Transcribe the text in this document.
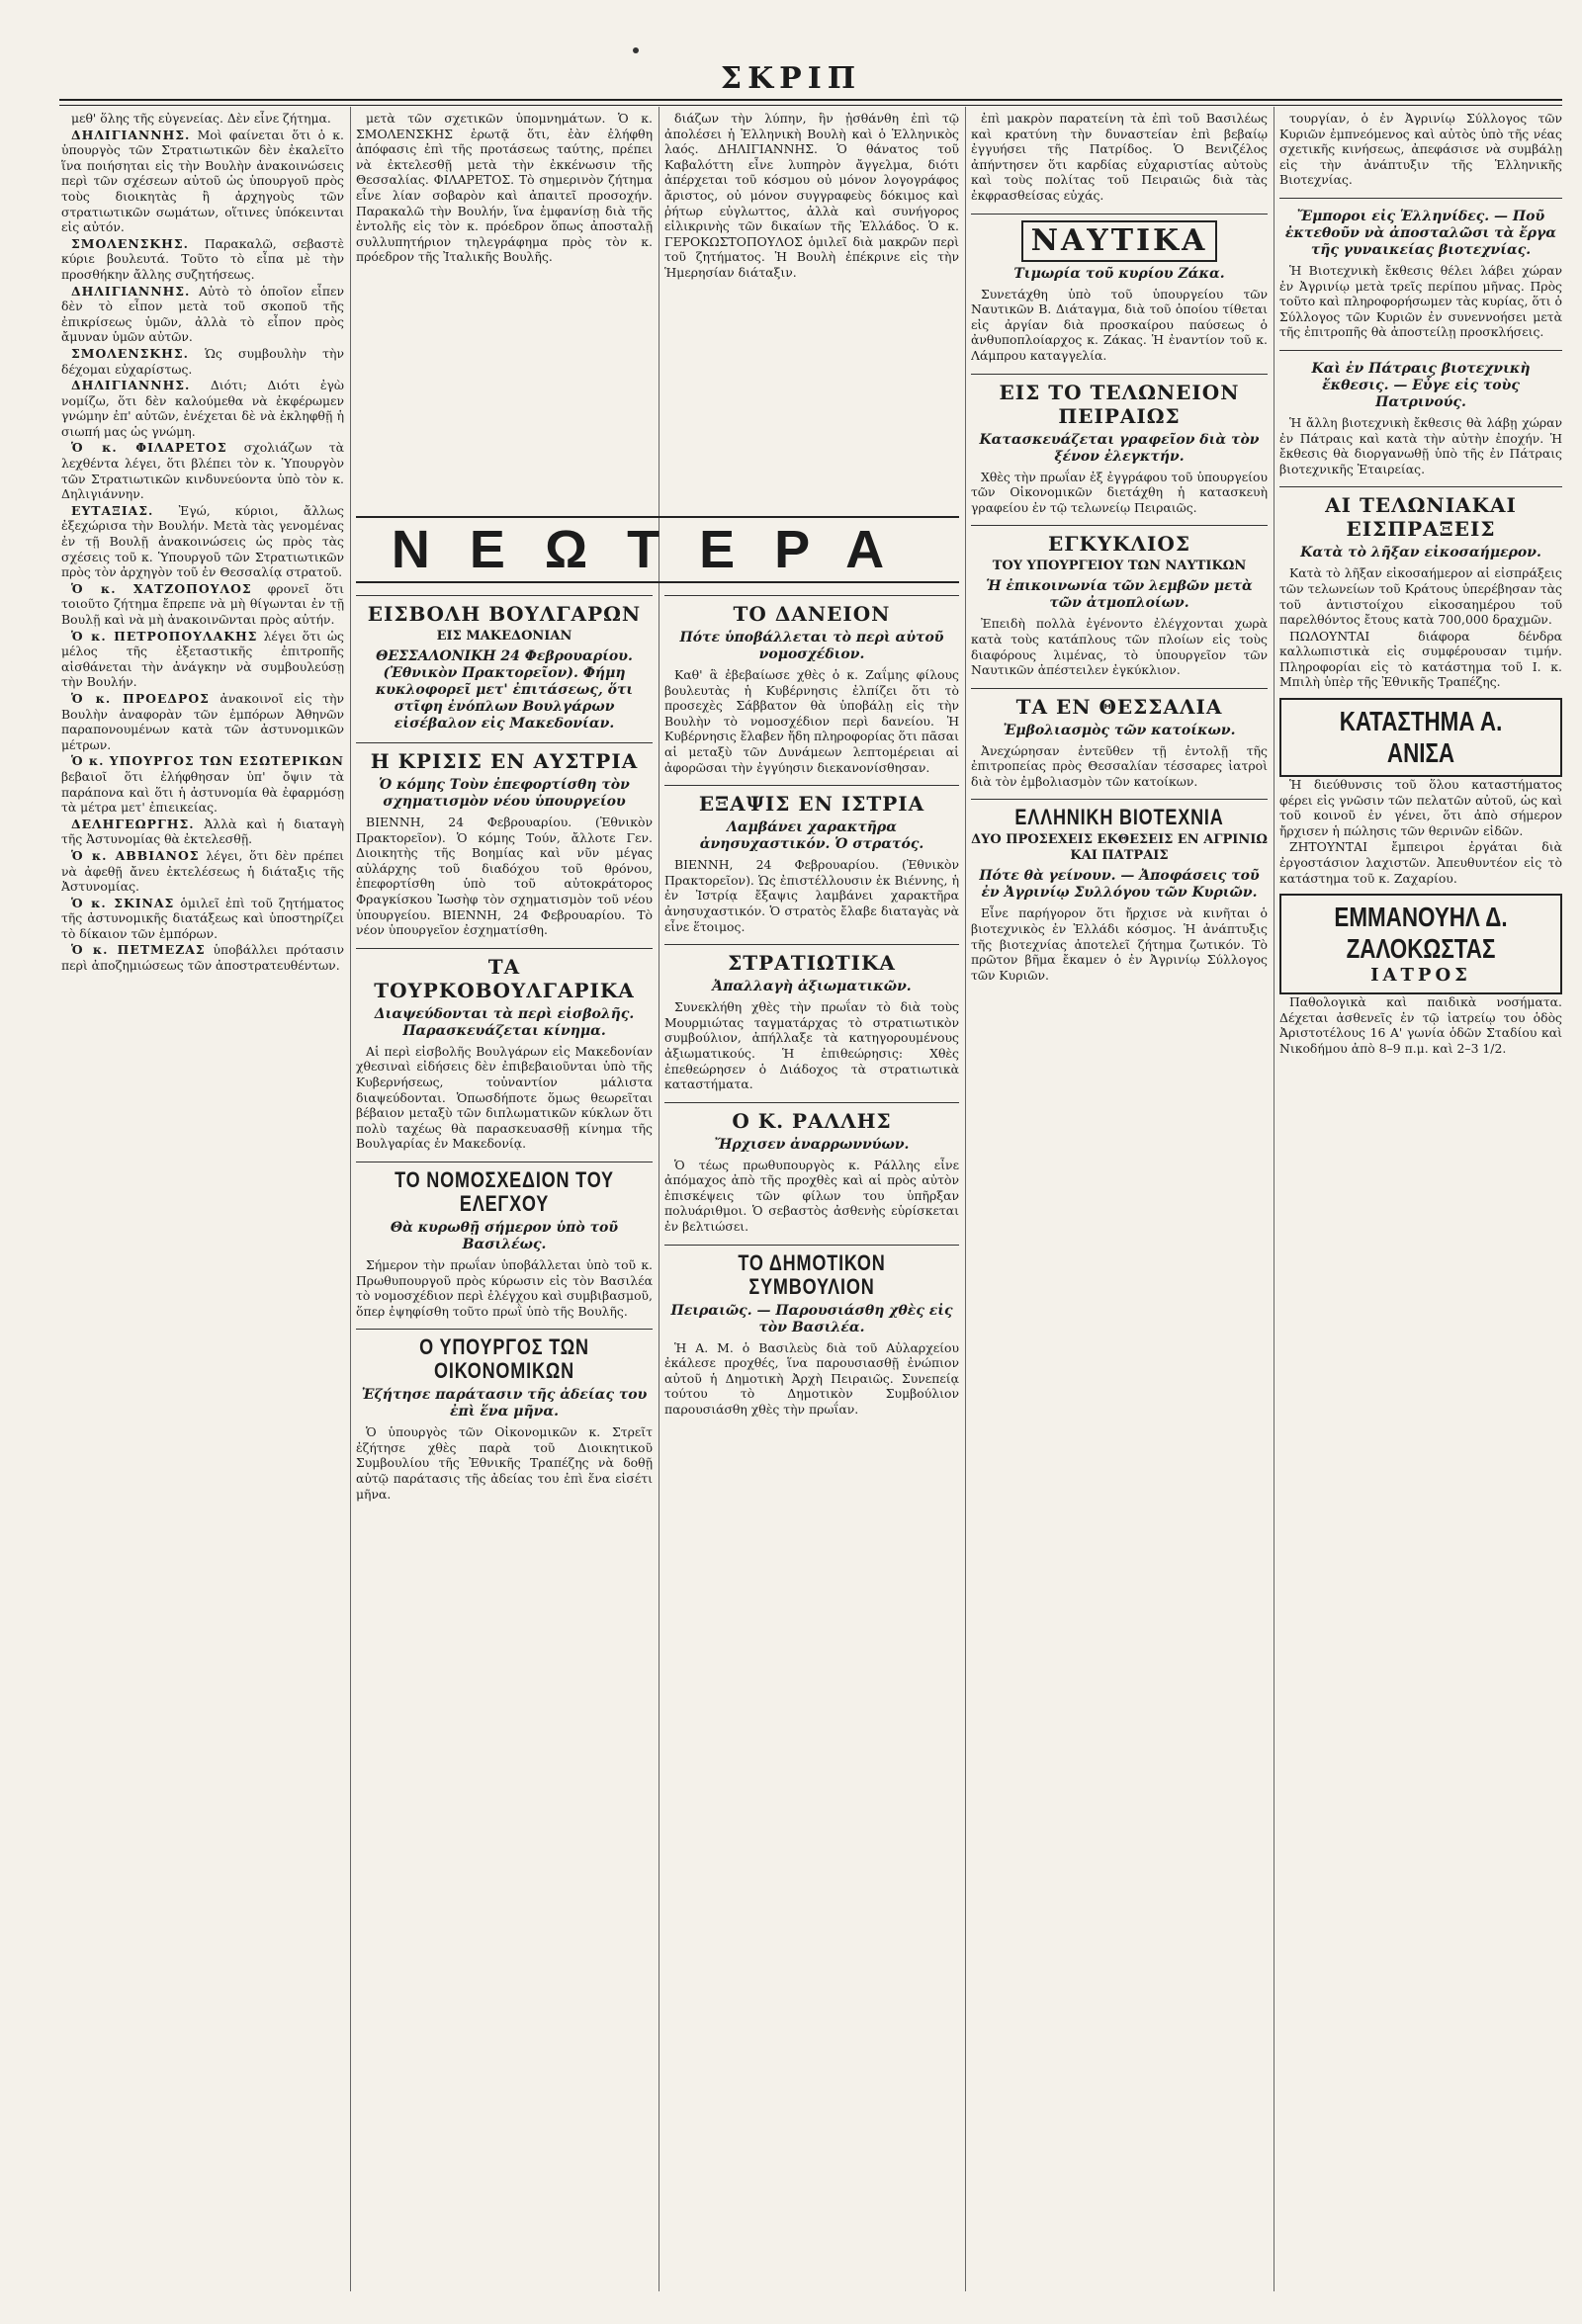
ΣΚΡΙΠ

μεθ' ὅλης τῆς εὐγενείας. Δὲν εἶνε ζήτημα.

ΔΗΛΙΓΙΑΝΝΗΣ. Μοὶ φαίνεται ὅτι ὁ κ. ὑπουργὸς τῶν Στρατιωτικῶν δὲν ἐκαλεῖτο ἵνα ποιήσηται εἰς τὴν Βουλὴν ἀνακοινώσεις περὶ τῶν σχέσεων αὐτοῦ ὡς ὑπουργοῦ πρὸς τοὺς διοικητὰς ἢ ἀρχηγοὺς τῶν στρατιωτικῶν σωμάτων, οἵτινες ὑπόκεινται εἰς αὐτόν.

ΣΜΟΛΕΝΣΚΗΣ. Παρακαλῶ, σεβαστὲ κύριε βουλευτά. Τοῦτο τὸ εἶπα μὲ τὴν προσθήκην ἄλλης συζητήσεως.

ΔΗΛΙΓΙΑΝΝΗΣ. Αὐτὸ τὸ ὁποῖον εἶπεν δὲν τὸ εἶπον μετὰ τοῦ σκοποῦ τῆς ἐπικρίσεως ὑμῶν, ἀλλὰ τὸ εἶπον πρὸς ἄμυναν ὑμῶν αὐτῶν.

ΣΜΟΛΕΝΣΚΗΣ. Ὡς συμβουλὴν τὴν δέχομαι εὐχαρίστως.

ΔΗΛΙΓΙΑΝΝΗΣ. Διότι; Διότι ἐγὼ νομίζω, ὅτι δὲν καλούμεθα νὰ ἐκφέρωμεν γνώμην ἐπ' αὐτῶν, ἐνέχεται δὲ νὰ ἐκληφθῇ ἡ σιωπή μας ὡς γνώμη.

Ὁ κ. ΦΙΛΑΡΕΤΟΣ σχολιάζων τὰ λεχθέντα λέγει, ὅτι βλέπει τὸν κ. Ὑπουργὸν τῶν Στρατιωτικῶν κινδυνεύοντα ὑπὸ τὸν κ. Δηλιγιάννην.

ΕΥΤΑΞΙΑΣ. Ἐγώ, κύριοι, ἄλλως ἐξεχώρισα τὴν Βουλήν. Μετὰ τὰς γενομένας ἐν τῇ Βουλῇ ἀνακοινώσεις ὡς πρὸς τὰς σχέσεις τοῦ κ. Ὑπουργοῦ τῶν Στρατιωτικῶν πρὸς τὸν ἀρχηγὸν τοῦ ἐν Θεσσαλίᾳ στρατοῦ.

Ὁ κ. ΧΑΤΖΟΠΟΥΛΟΣ φρονεῖ ὅτι τοιοῦτο ζήτημα ἔπρεπε νὰ μὴ θίγωνται ἐν τῇ Βουλῇ καὶ νὰ μὴ ἀνακοινῶνται πρὸς αὐτήν.

Ὁ κ. ΠΕΤΡΟΠΟΥΛΑΚΗΣ λέγει ὅτι ὡς μέλος τῆς ἐξεταστικῆς ἐπιτροπῆς αἰσθάνεται τὴν ἀνάγκην νὰ συμβουλεύσῃ τὴν Βουλήν.

Ὁ κ. ΠΡΟΕΔΡΟΣ ἀνακοινοῖ εἰς τὴν Βουλὴν ἀναφορὰν τῶν ἐμπόρων Ἀθηνῶν παραπονουμένων κατὰ τῶν ἀστυνομικῶν μέτρων.

Ὁ κ. ΥΠΟΥΡΓΟΣ ΤΩΝ ΕΣΩΤΕΡΙΚΩΝ βεβαιοῖ ὅτι ἐλήφθησαν ὑπ' ὄψιν τὰ παράπονα καὶ ὅτι ἡ ἀστυνομία θὰ ἐφαρμόσῃ τὰ μέτρα μετ' ἐπιεικείας.

ΔΕΛΗΓΕΩΡΓΗΣ. Ἀλλὰ καὶ ἡ διαταγὴ τῆς Ἀστυνομίας θὰ ἐκτελεσθῇ.

Ὁ κ. ΑΒΒΙΑΝΟΣ λέγει, ὅτι δὲν πρέπει νὰ ἀφεθῇ ἄνευ ἐκτελέσεως ἡ διάταξις τῆς Ἀστυνομίας.

Ὁ κ. ΣΚΙΝΑΣ ὁμιλεῖ ἐπὶ τοῦ ζητήματος τῆς ἀστυνομικῆς διατάξεως καὶ ὑποστηρίζει τὸ δίκαιον τῶν ἐμπόρων.

Ὁ κ. ΠΕΤΜΕΖΑΣ ὑποβάλλει πρότασιν περὶ ἀποζημιώσεως τῶν ἀποστρατευθέντων.

μετὰ τῶν σχετικῶν ὑπομνημάτων. Ὁ κ. ΣΜΟΛΕΝΣΚΗΣ ἐρωτᾷ ὅτι, ἐὰν ἐλήφθη ἀπόφασις ἐπὶ τῆς προτάσεως ταύτης, πρέπει νὰ ἐκτελεσθῇ μετὰ τὴν ἐκκένωσιν τῆς Θεσσαλίας. ΦΙΛΑΡΕΤΟΣ. Τὸ σημερινὸν ζήτημα εἶνε λίαν σοβαρὸν καὶ ἀπαιτεῖ προσοχήν. Παρακαλῶ τὴν Βουλήν, ἵνα ἐμφανίσῃ διὰ τῆς ἐντολῆς εἰς τὸν κ. πρόεδρον ὅπως ἀποσταλῇ συλλυπητήριον τηλεγράφημα πρὸς τὸν κ. πρόεδρον τῆς Ἰταλικῆς Βουλῆς.

διάζων τὴν λύπην, ἣν ᾐσθάνθη ἐπὶ τῷ ἀπολέσει ἡ Ἑλληνικὴ Βουλὴ καὶ ὁ Ἑλληνικὸς λαός. ΔΗΛΙΓΙΑΝΝΗΣ. Ὁ θάνατος τοῦ Καβαλόττη εἶνε λυπηρὸν ἄγγελμα, διότι ἀπέρχεται τοῦ κόσμου οὐ μόνον λογογράφος ἄριστος, οὐ μόνον συγγραφεὺς δόκιμος καὶ ῥήτωρ εὐγλωττος, ἀλλὰ καὶ συνήγορος εἰλικρινὴς τῶν δικαίων τῆς Ἑλλάδος. Ὁ κ. ΓΕΡΟΚΩΣΤΟΠΟΥΛΟΣ ὁμιλεῖ διὰ μακρῶν περὶ τοῦ ζητήματος. Ἡ Βουλὴ ἐπέκρινε εἰς τὴν Ἡμερησίαν διάταξιν.

ΝΕΩΤΕΡΑ
ΕΙΣΒΟΛΗ ΒΟΥΛΓΑΡΩΝ
ΕΙΣ ΜΑΚΕΔΟΝΙΑΝ
ΘΕΣΣΑΛΟΝΙΚΗ 24 Φεβρουαρίου. (Ἐθνικὸν Πρακτορεῖον). Φήμη κυκλοφορεῖ μετ' ἐπιτάσεως, ὅτι στῖφη ἐνόπλων Βουλγάρων εἰσέβαλον εἰς Μακεδονίαν.
Η ΚΡΙΣΙΣ ΕΝ ΑΥΣΤΡΙΑ
Ὁ κόμης Τοὺν ἐπεφορτίσθη τὸν σχηματισμὸν νέου ὑπουργείου

ΒΙΕΝΝΗ, 24 Φεβρουαρίου. (Ἐθνικὸν Πρακτορεῖον). Ὁ κόμης Τούν, ἄλλοτε Γεν. Διοικητὴς τῆς Βοημίας καὶ νῦν μέγας αὐλάρχης τοῦ διαδόχου τοῦ θρόνου, ἐπεφορτίσθη ὑπὸ τοῦ αὐτοκράτορος Φραγκίσκου Ἰωσὴφ τὸν σχηματισμὸν τοῦ νέου ὑπουργείου. ΒΙΕΝΝΗ, 24 Φεβρουαρίου. Τὸ νέον ὑπουργεῖον ἐσχηματίσθη.

ΤΑ ΤΟΥΡΚΟΒΟΥΛΓΑΡΙΚΑ
Διαψεύδονται τὰ περὶ εἰσβολῆς. Παρασκευάζεται κίνημα.

Αἱ περὶ εἰσβολῆς Βουλγάρων εἰς Μακεδονίαν χθεσιναὶ εἰδήσεις δὲν ἐπιβεβαιοῦνται ὑπὸ τῆς Κυβερνήσεως, τοὐναντίον μάλιστα διαψεύδονται. Ὁπωσδήποτε ὅμως θεωρεῖται βέβαιον μεταξὺ τῶν διπλωματικῶν κύκλων ὅτι πολὺ ταχέως θὰ παρασκευασθῇ κίνημα τῆς Βουλγαρίας ἐν Μακεδονίᾳ.

ΤΟ ΝΟΜΟΣΧΕΔΙΟΝ ΤΟΥ ΕΛΕΓΧΟΥ
Θὰ κυρωθῇ σήμερον ὑπὸ τοῦ Βασιλέως.

Σήμερον τὴν πρωΐαν ὑποβάλλεται ὑπὸ τοῦ κ. Πρωθυπουργοῦ πρὸς κύρωσιν εἰς τὸν Βασιλέα τὸ νομοσχέδιον περὶ ἐλέγχου καὶ συμβιβασμοῦ, ὅπερ ἐψηφίσθη τοῦτο πρωῒ ὑπὸ τῆς Βουλῆς.

Ο ΥΠΟΥΡΓΟΣ ΤΩΝ ΟΙΚΟΝΟΜΙΚΩΝ
Ἐζήτησε παράτασιν τῆς ἀδείας του ἐπὶ ἕνα μῆνα.

Ὁ ὑπουργὸς τῶν Οἰκονομικῶν κ. Στρεῖτ ἐζήτησε χθὲς παρὰ τοῦ Διοικητικοῦ Συμβουλίου τῆς Ἐθνικῆς Τραπέζης νὰ δοθῇ αὐτῷ παράτασις τῆς ἀδείας του ἐπὶ ἕνα εἰσέτι μῆνα.

ΤΟ ΔΑΝΕΙΟΝ
Πότε ὑποβάλλεται τὸ περὶ αὐτοῦ νομοσχέδιον.

Καθ' ἃ ἐβεβαίωσε χθὲς ὁ κ. Ζαΐμης φίλους βουλευτὰς ἡ Κυβέρνησις ἐλπίζει ὅτι τὸ προσεχὲς Σάββατον θὰ ὑποβάλῃ εἰς τὴν Βουλὴν τὸ νομοσχέδιον περὶ δανείου. Ἡ Κυβέρνησις ἔλαβεν ἤδη πληροφορίας ὅτι πᾶσαι αἱ μεταξὺ τῶν Δυνάμεων λεπτομέρειαι αἱ ἀφορῶσαι τὴν ἐγγύησιν διεκανονίσθησαν.

ΕΞΑΨΙΣ ΕΝ ΙΣΤΡΙΑ
Λαμβάνει χαρακτῆρα ἀνησυχαστικόν. Ὁ στρατός.

ΒΙΕΝΝΗ, 24 Φεβρουαρίου. (Ἐθνικὸν Πρακτορεῖον). Ὡς ἐπιστέλλουσιν ἐκ Βιέννης, ἡ ἐν Ἰστρίᾳ ἔξαψις λαμβάνει χαρακτῆρα ἀνησυχαστικόν. Ὁ στρατὸς ἔλαβε διαταγὰς νὰ εἶνε ἕτοιμος.

ΣΤΡΑΤΙΩΤΙΚΑ
Ἀπαλλαγὴ ἀξιωματικῶν.

Συνεκλήθη χθὲς τὴν πρωΐαν τὸ διὰ τοὺς Μουρμιώτας ταγματάρχας τὸ στρατιωτικὸν συμβούλιον, ἀπήλλαξε τὰ κατηγορουμένους ἀξιωματικούς. Ἡ ἐπιθεώρησις: Χθὲς ἐπεθεώρησεν ὁ Διάδοχος τὰ στρατιωτικὰ καταστήματα.

Ο Κ. ΡΑΛΛΗΣ
Ἤρχισεν ἀναρρωννύων.

Ὁ τέως πρωθυπουργὸς κ. Ράλλης εἶνε ἀπόμαχος ἀπὸ τῆς προχθὲς καὶ αἱ πρὸς αὐτὸν ἐπισκέψεις τῶν φίλων του ὑπῆρξαν πολυάριθμοι. Ὁ σεβαστὸς ἀσθενὴς εὑρίσκεται ἐν βελτιώσει.

ΤΟ ΔΗΜΟΤΙΚΟΝ ΣΥΜΒΟΥΛΙΟΝ
Πειραιῶς. — Παρουσιάσθη χθὲς εἰς τὸν Βασιλέα.

Ἡ Α. Μ. ὁ Βασιλεὺς διὰ τοῦ Αὐλαρχείου ἐκάλεσε προχθές, ἵνα παρουσιασθῇ ἐνώπιον αὐτοῦ ἡ Δημοτικὴ Ἀρχὴ Πειραιῶς. Συνεπείᾳ τούτου τὸ Δημοτικὸν Συμβούλιον παρουσιάσθη χθὲς τὴν πρωΐαν.

ἐπὶ μακρὸν παρατείνη τὰ ἐπὶ τοῦ Βασιλέως καὶ κρατύνη τὴν δυναστείαν ἐπὶ βεβαίῳ ἐγγυήσει τῆς Πατρίδος. Ὁ Βενιζέλος ἀπήντησεν ὅτι καρδίας εὐχαριστίας αὐτοὺς καὶ τοὺς πολίτας τοῦ Πειραιῶς διὰ τὰς ἐκφρασθείσας εὐχάς.

ΝΑΥΤΙΚΑ
Τιμωρία τοῦ κυρίου Ζάκα.

Συνετάχθη ὑπὸ τοῦ ὑπουργείου τῶν Ναυτικῶν Β. Διάταγμα, διὰ τοῦ ὁποίου τίθεται εἰς ἀργίαν διὰ προσκαίρου παύσεως ὁ ἀνθυποπλοίαρχος κ. Ζάκας. Ἡ ἐναντίον τοῦ κ. Λάμπρου καταγγελία.

ΕΙΣ ΤΟ ΤΕΛΩΝΕΙΟΝ ΠΕΙΡΑΙΩΣ
Κατασκευάζεται γραφεῖον διὰ τὸν ξένον ἐλεγκτήν.

Χθὲς τὴν πρωΐαν ἐξ ἐγγράφου τοῦ ὑπουργείου τῶν Οἰκονομικῶν διετάχθη ἡ κατασκευὴ γραφείου ἐν τῷ τελωνείῳ Πειραιῶς.

ΕΓΚΥΚΛΙΟΣ
ΤΟΥ ΥΠΟΥΡΓΕΙΟΥ ΤΩΝ ΝΑΥΤΙΚΩΝ
Ἡ ἐπικοινωνία τῶν λεμβῶν μετὰ τῶν ἀτμοπλοίων.

Ἐπειδὴ πολλὰ ἐγένοντο ἐλέγχονται χωρὰ κατὰ τοὺς κατάπλους τῶν πλοίων εἰς τοὺς διαφόρους λιμένας, τὸ ὑπουργεῖον τῶν Ναυτικῶν ἀπέστειλεν ἐγκύκλιον.

ΤΑ ΕΝ ΘΕΣΣΑΛΙΑ
Ἐμβολιασμὸς τῶν κατοίκων.

Ἀνεχώρησαν ἐντεῦθεν τῇ ἐντολῇ τῆς ἐπιτροπείας πρὸς Θεσσαλίαν τέσσαρες ἰατροὶ διὰ τὸν ἐμβολιασμὸν τῶν κατοίκων.

ΕΛΛΗΝΙΚΗ ΒΙΟΤΕΧΝΙΑ
ΔΥΟ ΠΡΟΣΕΧΕΙΣ ΕΚΘΕΣΕΙΣ ΕΝ ΑΓΡΙΝΙΩ ΚΑΙ ΠΑΤΡΑΙΣ
Πότε θὰ γείνουν. — Ἀποφάσεις τοῦ ἐν Ἀγρινίῳ Συλλόγου τῶν Κυριῶν.

Εἶνε παρήγορον ὅτι ἤρχισε νὰ κινῆται ὁ βιοτεχνικὸς ἐν Ἑλλάδι κόσμος. Ἡ ἀνάπτυξις τῆς βιοτεχνίας ἀποτελεῖ ζήτημα ζωτικόν. Τὸ πρῶτον βῆμα ἔκαμεν ὁ ἐν Ἀγρινίῳ Σύλλογος τῶν Κυριῶν.

τουργίαν, ὁ ἐν Ἀγρινίῳ Σύλλογος τῶν Κυριῶν ἐμπνεόμενος καὶ αὐτὸς ὑπὸ τῆς νέας σχετικῆς κινήσεως, ἀπεφάσισε νὰ συμβάλῃ εἰς τὴν ἀνάπτυξιν τῆς Ἑλληνικῆς Βιοτεχνίας.

Ἔμποροι εἰς Ἑλληνίδες. — Ποῦ ἐκτεθοῦν νὰ ἀποσταλῶσι τὰ ἔργα τῆς γυναικείας βιοτεχνίας.

Ἡ Βιοτεχνικὴ ἔκθεσις θέλει λάβει χώραν ἐν Ἀγρινίῳ μετὰ τρεῖς περίπου μῆνας. Πρὸς τοῦτο καὶ πληροφορήσωμεν τὰς κυρίας, ὅτι ὁ Σύλλογος τῶν Κυριῶν ἐν συνεννοήσει μετὰ τῆς ἐπιτροπῆς θὰ ἀποστείλῃ προσκλήσεις.

Καὶ ἐν Πάτραις βιοτεχνικὴ ἔκθεσις. — Εὖγε εἰς τοὺς Πατρινούς.

Ἡ ἄλλη βιοτεχνικὴ ἔκθεσις θὰ λάβῃ χώραν ἐν Πάτραις καὶ κατὰ τὴν αὐτὴν ἐποχήν. Ἡ ἔκθεσις θὰ διοργανωθῇ ὑπὸ τῆς ἐν Πάτραις βιοτεχνικῆς Ἑταιρείας.

ΑΙ ΤΕΛΩΝΙΑΚΑΙ ΕΙΣΠΡΑΞΕΙΣ
Κατὰ τὸ λῆξαν εἰκοσαήμερον.

Κατὰ τὸ λῆξαν εἰκοσαήμερον αἱ εἰσπράξεις τῶν τελωνείων τοῦ Κράτους ὑπερέβησαν τὰς τοῦ ἀντιστοίχου εἰκοσαημέρου τοῦ παρελθόντος ἔτους κατὰ 700,000 δραχμῶν.

ΠΩΛΟΥΝΤΑΙ διάφορα δένδρα καλλωπιστικὰ εἰς συμφέρουσαν τιμήν. Πληροφορίαι εἰς τὸ κατάστημα τοῦ Ι. κ. Μπιλὴ ὑπὲρ τῆς Ἐθνικῆς Τραπέζης.

ΚΑΤΑΣΤΗΜΑ Α. ΑΝΙΣΑ

Ἡ διεύθυνσις τοῦ ὅλου καταστήματος φέρει εἰς γνῶσιν τῶν πελατῶν αὐτοῦ, ὡς καὶ τοῦ κοινοῦ ἐν γένει, ὅτι ἀπὸ σήμερον ἤρχισεν ἡ πώλησις τῶν θερινῶν εἰδῶν.

ΖΗΤΟΥΝΤΑΙ ἔμπειροι ἐργάται διὰ ἐργοστάσιον λαχιστῶν. Ἀπευθυντέον εἰς τὸ κατάστημα τοῦ κ. Ζαχαρίου.

ΕΜΜΑΝΟΥΗΛ Δ. ΖΑΛΟΚΩΣΤΑΣ
ΙΑΤΡΟΣ

Παθολογικὰ καὶ παιδικὰ νοσήματα. Δέχεται ἀσθενεῖς ἐν τῷ ἰατρείῳ του ὁδὸς Ἀριστοτέλους 16 Α' γωνία ὁδῶν Σταδίου καὶ Νικοδήμου ἀπὸ 8–9 π.μ. καὶ 2–3 1/2.
